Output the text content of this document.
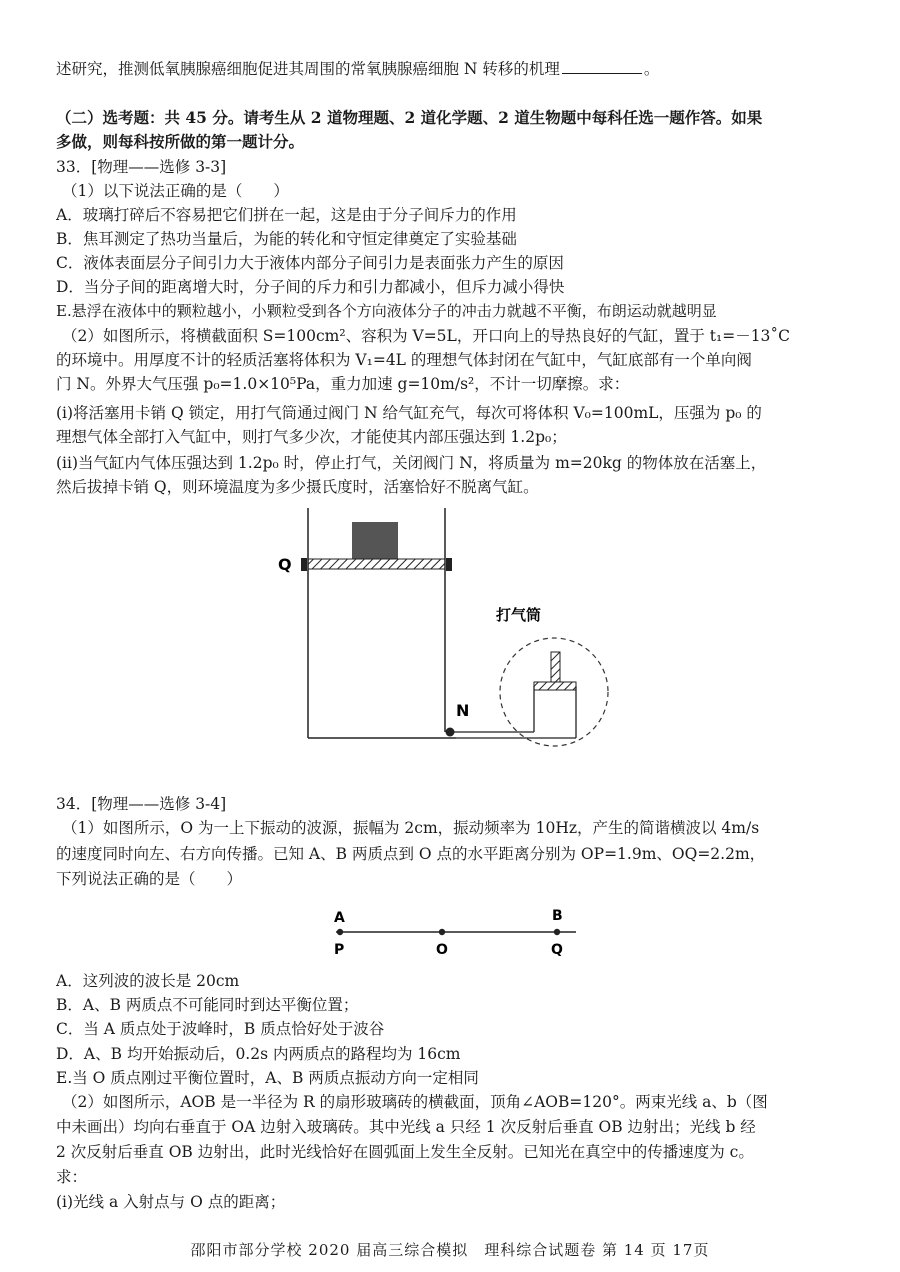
述研究，推测低氧胰腺癌细胞促进其周围的常氧胰腺癌细胞 N 转移的机理	。
（二）选考题：共 45 分。请考生从 2 道物理题、2 道化学题、2 道生物题中每科任选一题作答。如果
多做，则每科按所做的第一题计分。
33．[物理——选修 3-3]
（1）以下说法正确的是（　　）
A．玻璃打碎后不容易把它们拼在一起，这是由于分子间斥力的作用
B．焦耳测定了热功当量后，为能的转化和守恒定律奠定了实验基础
C．液体表面层分子间引力大于液体内部分子间引力是表面张力产生的原因
D．当分子间的距离增大时，分子间的斥力和引力都减小，但斥力减小得快
E.悬浮在液体中的颗粒越小，小颗粒受到各个方向液体分子的冲击力就越不平衡，布朗运动就越明显
（2）如图所示，将横截面积 S=100cm²、容积为 V=5L，开口向上的导热良好的气缸，置于 t₁=－13˚C
的环境中。用厚度不计的轻质活塞将体积为 V₁=4L 的理想气体封闭在气缸中，气缸底部有一个单向阀
门 N。外界大气压强 p₀=1.0×10⁵Pa，重力加速 g=10m/s²，不计一切摩擦。求：
(i)将活塞用卡销 Q 锁定，用打气筒通过阀门 N 给气缸充气，每次可将体积 V₀=100mL，压强为 p₀ 的
理想气体全部打入气缸中，则打气多少次，才能使其内部压强达到 1.2p₀；
(ii)当气缸内气体压强达到 1.2p₀ 时，停止打气，关闭阀门 N，将质量为 m=20kg 的物体放在活塞上，
然后拔掉卡销 Q，则环境温度为多少摄氏度时，活塞恰好不脱离气缸。
Q
N
打气筒
34．[物理——选修 3-4]
（1）如图所示，O 为一上下振动的波源，振幅为 2cm，振动频率为 10Hz，产生的简谐横波以 4m/s
的速度同时向左、右方向传播。已知 A、B 两质点到 O 点的水平距离分别为 OP=1.9m、OQ=2.2m，
下列说法正确的是（　　）
A	B
P	O	Q
A．这列波的波长是 20cm
B．A、B 两质点不可能同时到达平衡位置；
C．当 A 质点处于波峰时，B 质点恰好处于波谷
D．A、B 均开始振动后，0.2s 内两质点的路程均为 16cm
E.当 O 质点刚过平衡位置时，A、B 两质点振动方向一定相同
（2）如图所示，AOB 是一半径为 R 的扇形玻璃砖的横截面，顶角∠AOB=120°。两束光线 a、b（图
中未画出）均向右垂直于 OA 边射入玻璃砖。其中光线 a 只经 1 次反射后垂直 OB 边射出；光线 b 经
2 次反射后垂直 OB 边射出，此时光线恰好在圆弧面上发生全反射。已知光在真空中的传播速度为 c。
求：
(i)光线 a 入射点与 O 点的距离；
邵阳市部分学校 2020 届高三综合模拟　理科综合试题卷 第 14 页 17页
